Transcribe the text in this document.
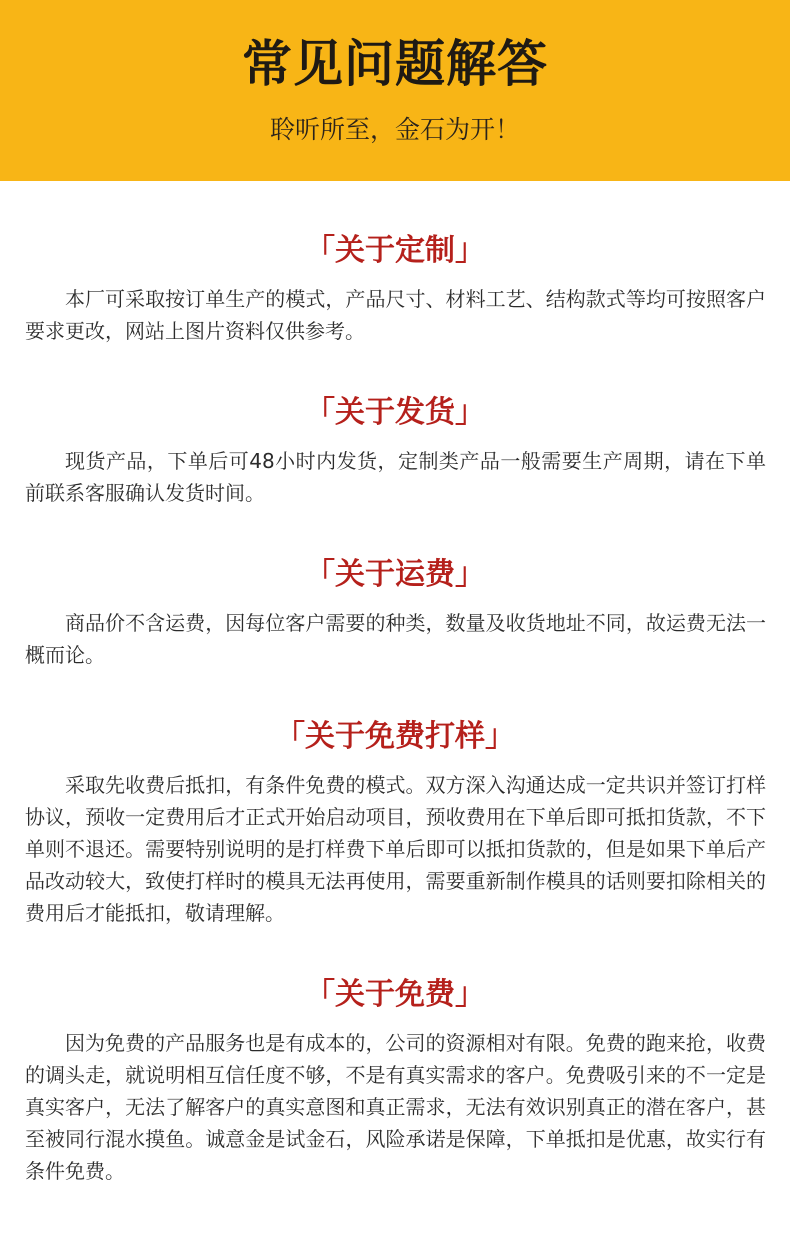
常见问题解答
聆听所至，金石为开！
「关于定制」

本厂可采取按订单生产的模式，产品尺寸、材料工艺、结构款式等均可按照客户要求更改，网站上图片资料仅供参考。

「关于发货」

现货产品，下单后可48小时内发货，定制类产品一般需要生产周期，请在下单前联系客服确认发货时间。

「关于运费」

商品价不含运费，因每位客户需要的种类，数量及收货地址不同，故运费无法一概而论。

「关于免费打样」

采取先收费后抵扣，有条件免费的模式。双方深入沟通达成一定共识并签订打样协议，预收一定费用后才正式开始启动项目，预收费用在下单后即可抵扣货款，不下单则不退还。需要特别说明的是打样费下单后即可以抵扣货款的，但是如果下单后产品改动较大，致使打样时的模具无法再使用，需要重新制作模具的话则要扣除相关的费用后才能抵扣，敬请理解。

「关于免费」

因为免费的产品服务也是有成本的，公司的资源相对有限。免费的跑来抢，收费的调头走，就说明相互信任度不够，不是有真实需求的客户。免费吸引来的不一定是真实客户，无法了解客户的真实意图和真正需求，无法有效识别真正的潜在客户，甚至被同行混水摸鱼。诚意金是试金石，风险承诺是保障，下单抵扣是优惠，故实行有条件免费。
